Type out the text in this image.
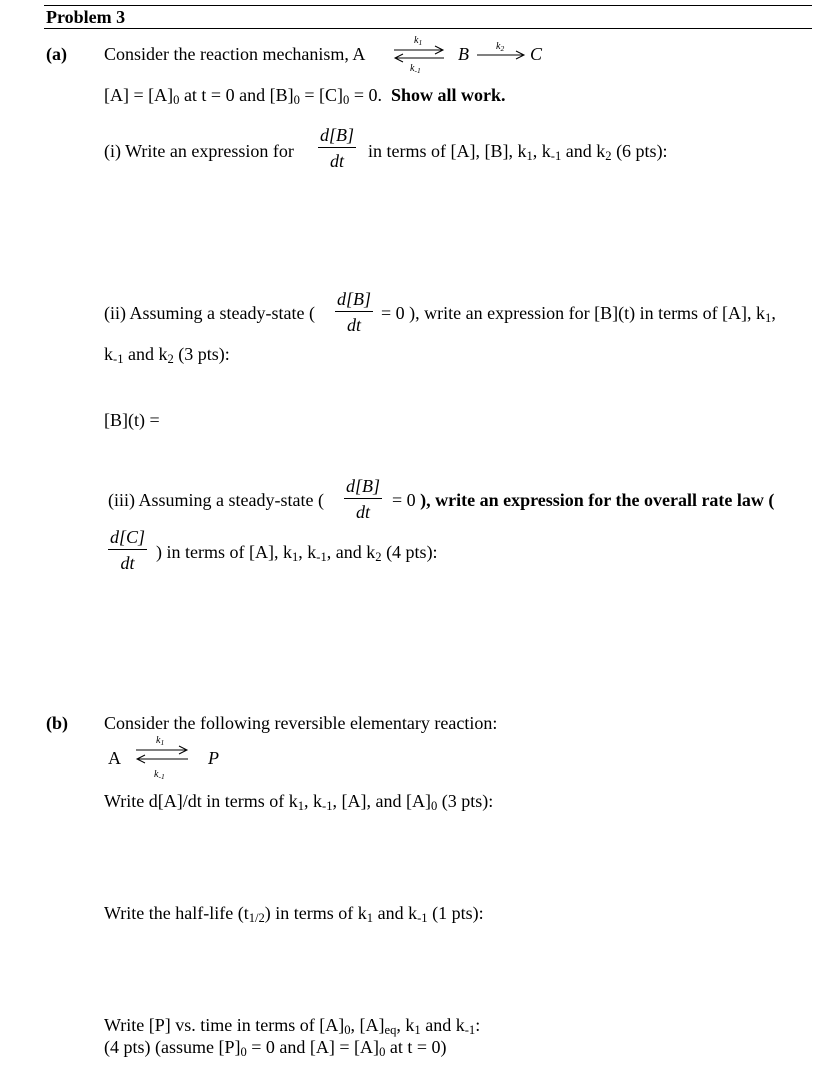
Problem 3
(a) Consider the reaction mechanism, A
$k_1$
$k_{-1}$
B	$k_2$ C
$[A] = [A]_0$ at t = 0 and $[B]_0 = [C]_0 = 0$. Show all work.
(i) Write an expression for $\frac{d[B]}{dt}$ in terms of [A], [B], $k_1$, $k_{-1}$ and $k_2$ (6 pts):
(ii) Assuming a steady-state ( $\frac{d[B]}{dt} = 0$ ), write an expression for [B](t) in terms of [A], $k_1$,
$k_{-1}$ and $k_2$ (3 pts):
[B](t) =
(iii) Assuming a steady-state ( $\frac{d[B]}{dt} = 0$ ), write an expression for the overall rate law (
$\frac{d[C]}{dt}$ ) in terms of [A], $k_1$, $k_{-1}$, and $k_2$ (4 pts):
(b) Consider the following reversible elementary reaction:
A
$k_1$
$k_{-1}$
P
Write d[A]/dt in terms of $k_1$, $k_{-1}$, [A], and $[A]_0$ (3 pts):
Write the half-life $(t_{1/2})$ in terms of $k_1$ and $k_{-1}$ (1 pts):
Write [P] vs. time in terms of $[A]_0$, $[A]_{eq}$, $k_1$ and $k_{-1}$:
(4 pts) (assume $[P]_0 = 0$ and $[A] = [A]_0$ at t = 0)
